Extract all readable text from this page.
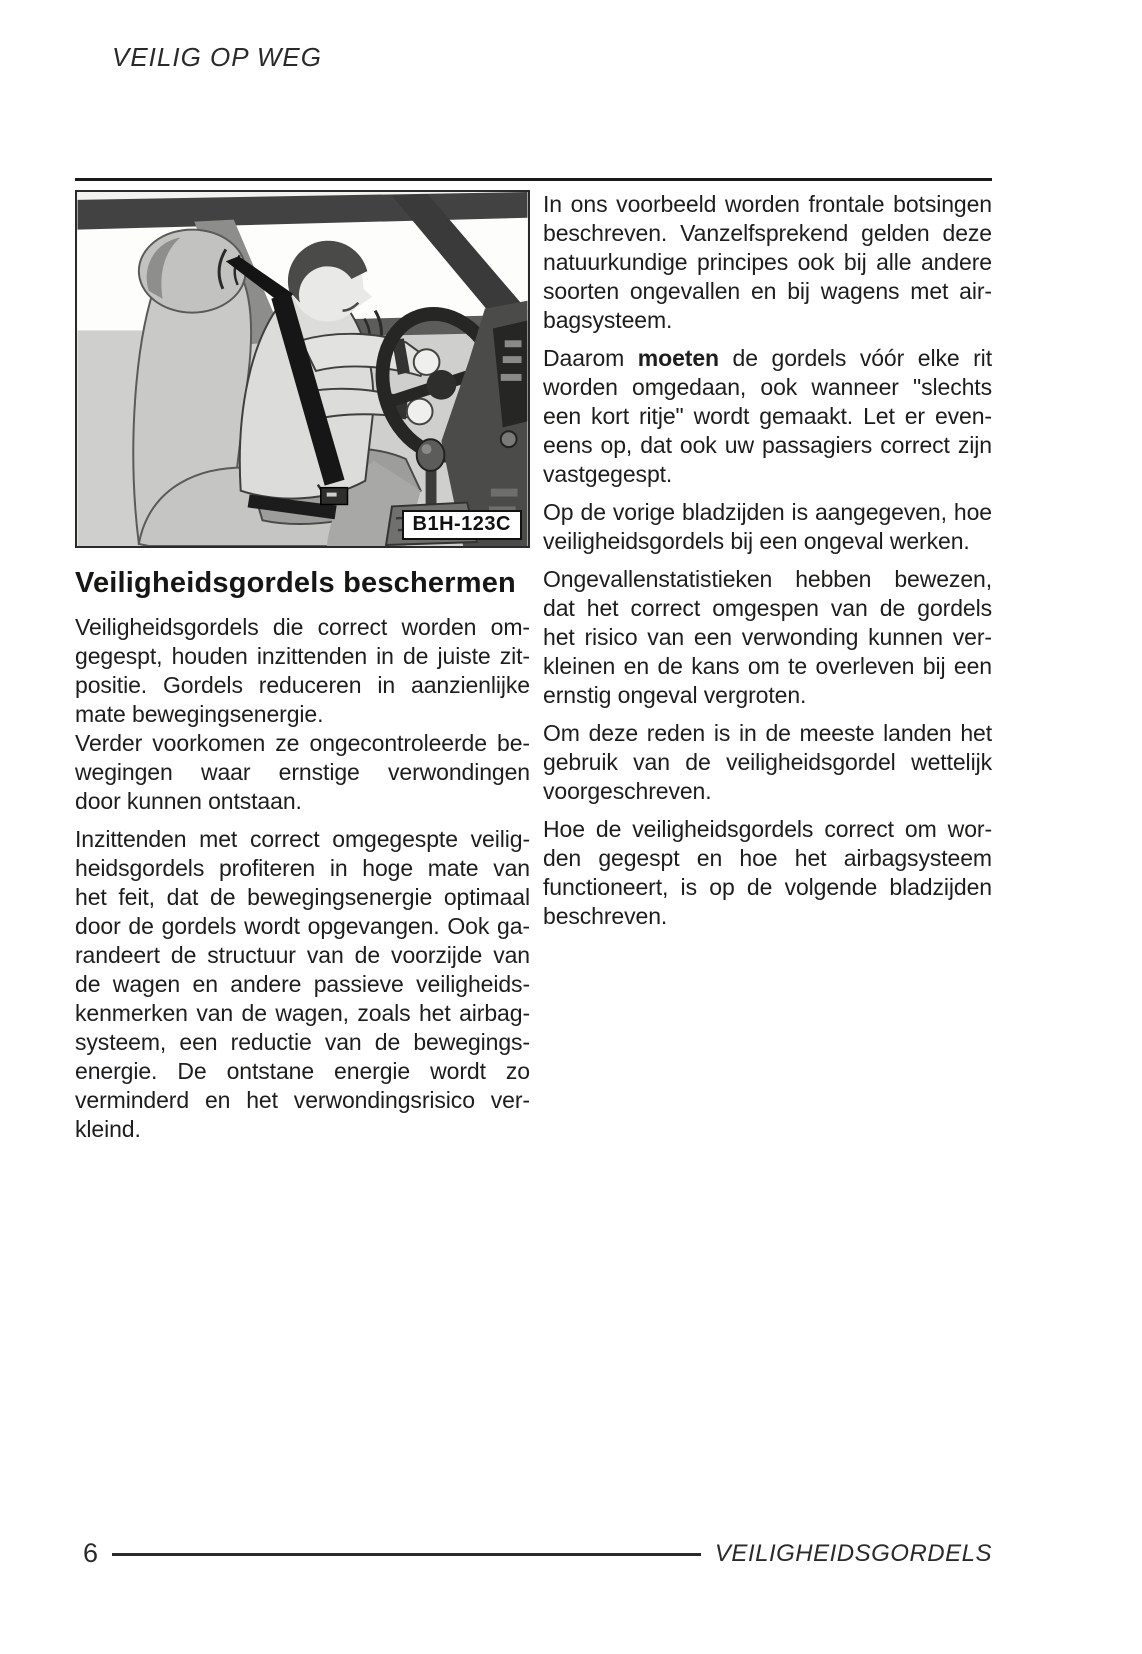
VEILIG OP WEG
B1H-123C
Veiligheidsgordels beschermen
Veiligheidsgordels die correct worden om-
gegespt, houden inzittenden in de juiste zit-
positie. Gordels reduceren in aanzienlijke
mate bewegingsenergie.
Verder voorkomen ze ongecontroleerde be-
wegingen waar ernstige verwondingen
door kunnen ontstaan.
Inzittenden met correct omgegespte veilig-
heidsgordels profiteren in hoge mate van
het feit, dat de bewegingsenergie optimaal
door de gordels wordt opgevangen. Ook ga-
randeert de structuur van de voorzijde van
de wagen en andere passieve veiligheids-
kenmerken van de wagen, zoals het airbag-
systeem, een reductie van de bewegings-
energie. De ontstane energie wordt zo
verminderd en het verwondingsrisico ver-
kleind.
In ons voorbeeld worden frontale botsingen
beschreven. Vanzelfsprekend gelden deze
natuurkundige principes ook bij alle andere
soorten ongevallen en bij wagens met air-
bagsysteem.
Daarom moeten de gordels vóór elke rit
worden omgedaan, ook wanneer "slechts
een kort ritje" wordt gemaakt. Let er even-
eens op, dat ook uw passagiers correct zijn
vastgegespt.
Op de vorige bladzijden is aangegeven, hoe
veiligheidsgordels bij een ongeval werken.
Ongevallenstatistieken hebben bewezen,
dat het correct omgespen van de gordels
het risico van een verwonding kunnen ver-
kleinen en de kans om te overleven bij een
ernstig ongeval vergroten.
Om deze reden is in de meeste landen het
gebruik van de veiligheidsgordel wettelijk
voorgeschreven.
Hoe de veiligheidsgordels correct om wor-
den gegespt en hoe het airbagsysteem
functioneert, is op de volgende bladzijden
beschreven.
6	VEILIGHEIDSGORDELS
